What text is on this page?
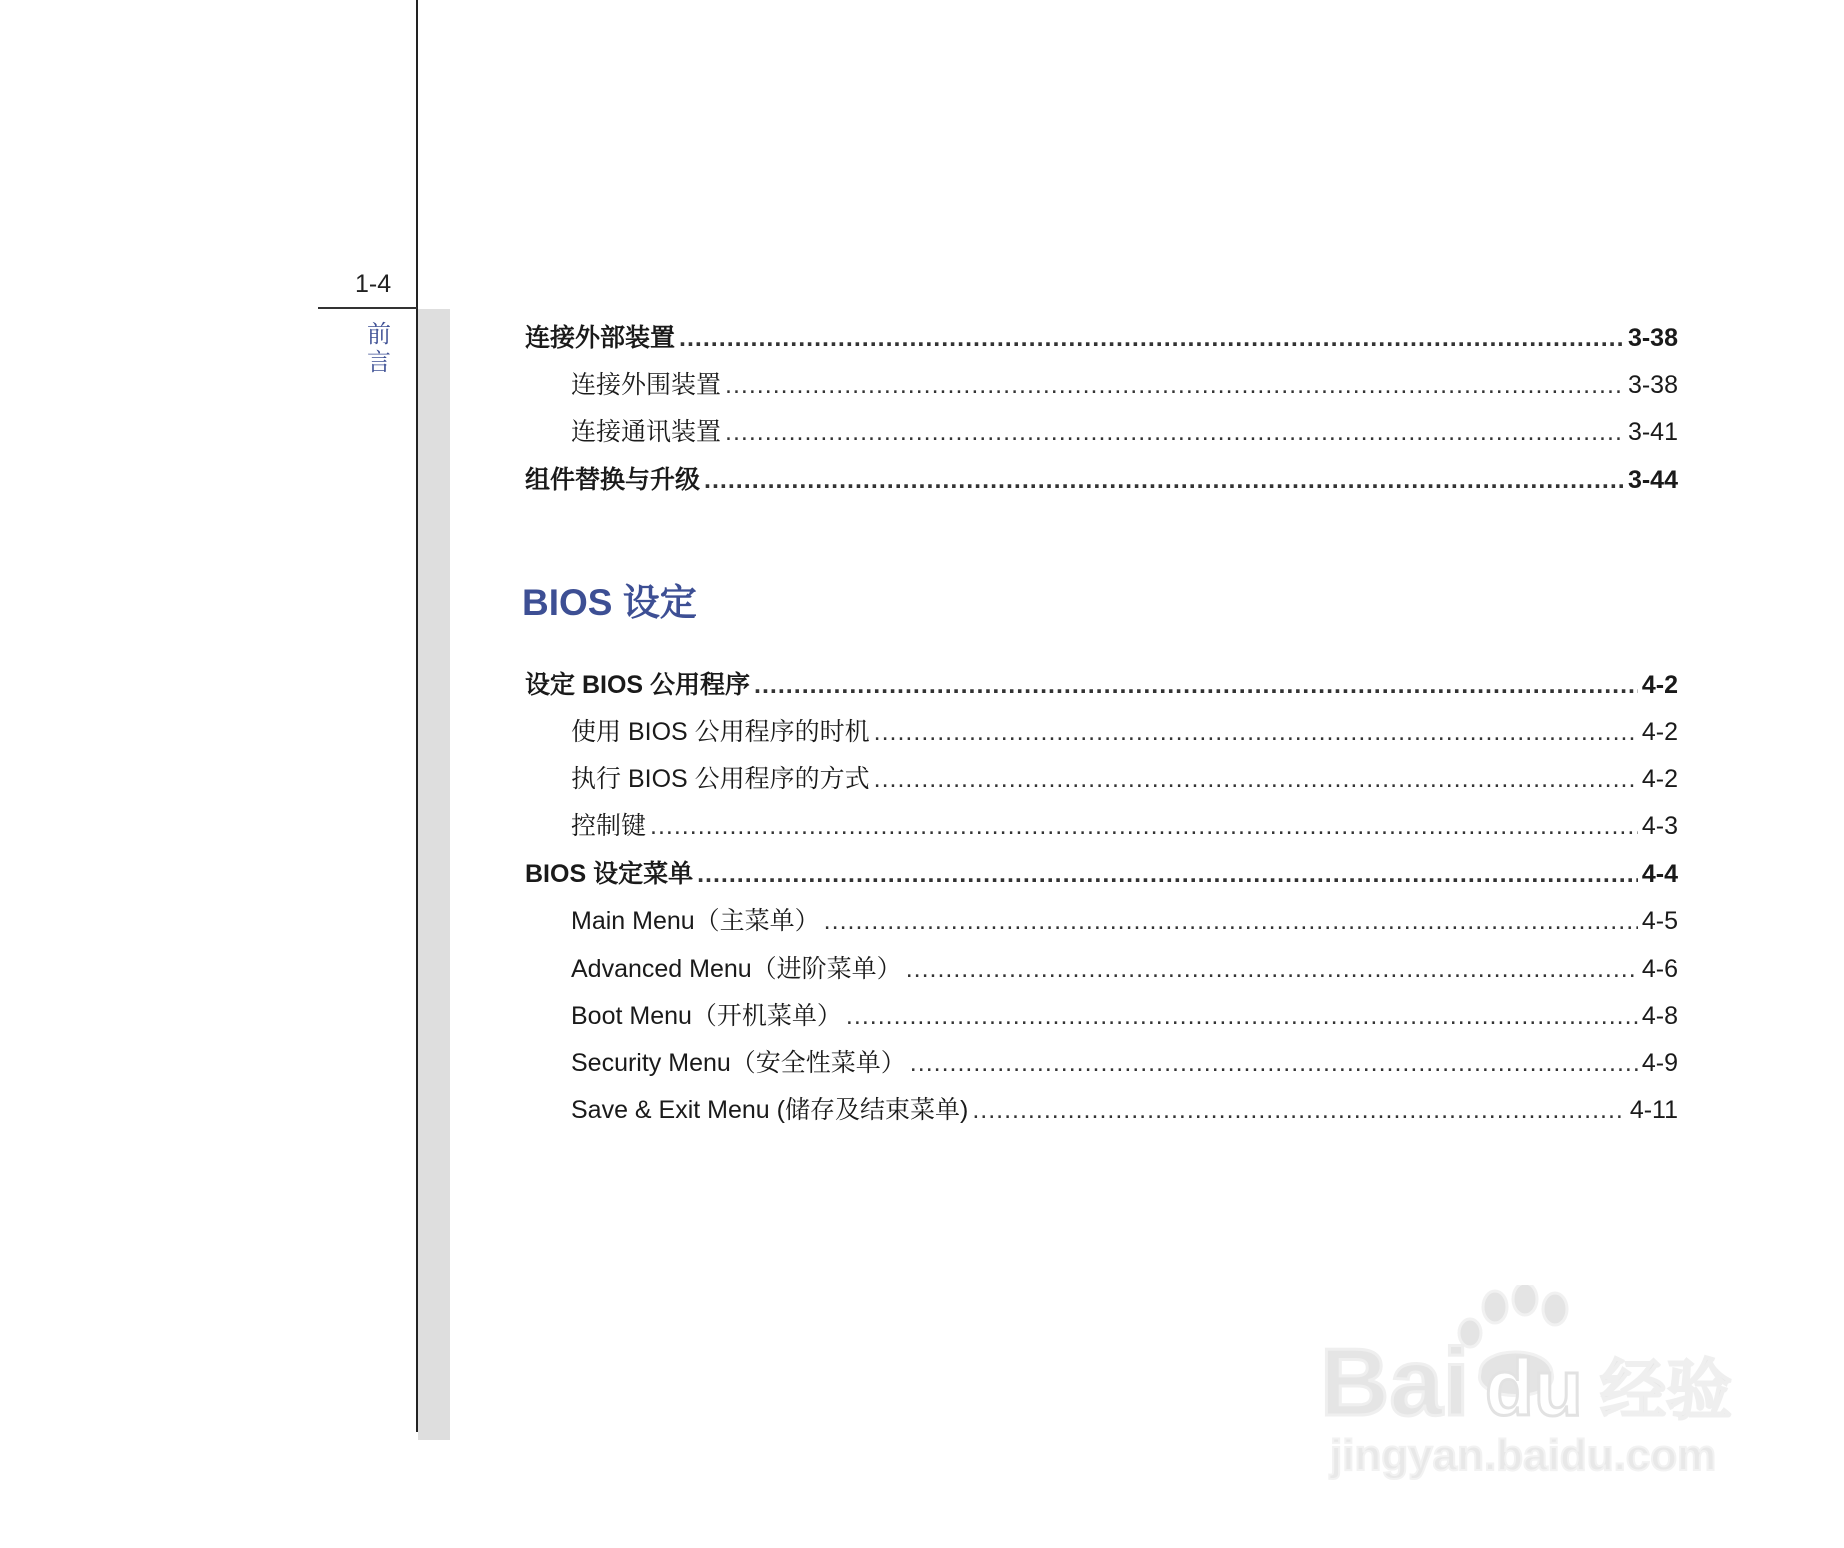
1-4
前言
连接外部装置 .....	3-38
连接外围装置 .....	3-38
连接通讯装置 .....	3-41
组件替换与升级 .....	3-44
BIOS 设定
设定 BIOS 公用程序 .....	4-2
使用 BIOS 公用程序的时机 .....	4-2
执行 BIOS 公用程序的方式 .....	4-2
控制键 .....	4-3
BIOS 设定菜单 .....	4-4
Main Menu（主菜单） .....	4-5
Advanced Menu（进阶菜单） .....	4-6
Boot Menu（开机菜单） .....	4-8
Security Menu（安全性菜单） .....	4-9
Save & Exit Menu (储存及结束菜单) .....	4-11
Bai du 经验
jingyan.baidu.com
